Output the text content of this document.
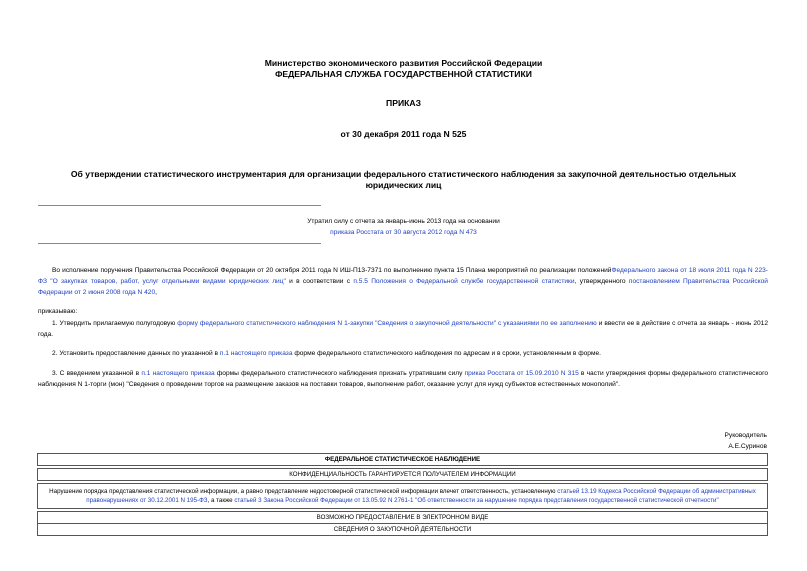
Министерство экономического развития Российской Федерации
ФЕДЕРАЛЬНАЯ СЛУЖБА ГОСУДАРСТВЕННОЙ СТАТИСТИКИ
ПРИКАЗ
от 30 декабря 2011 года N 525
Об утверждении статистического инструментария для организации федерального статистического наблюдения за закупочной деятельностью отдельных юридических лиц
Утратил силу с отчета за январь-июнь 2013 года на основании
приказа Росстата от 30 августа 2012 года N 473
Во исполнение поручения Правительства Российской Федерации от 20 октября 2011 года N ИШ-П13-7371 по выполнению пункта 15 Плана мероприятий по реализации положенийФедерального закона от 18 июля 2011 года N 223-ФЗ "О закупках товаров, работ, услуг отдельными видами юридических лиц" и в соответствии с п.5.5 Положения о Федеральной службе государственной статистики, утвержденного постановлением Правительства Российской Федерации от 2 июня 2008 года N 420,
приказываю:
1. Утвердить прилагаемую полугодовую форму федерального статистического наблюдения N 1-закупки "Сведения о закупочной деятельности" с указаниями по ее заполнению и ввести ее в действие с отчета за январь - июнь 2012 года.
2. Установить предоставление данных по указанной в п.1 настоящего приказа форме федерального статистического наблюдения по адресам и в сроки, установленным в форме.
3. С введением указанной в п.1 настоящего приказа формы федерального статистического наблюдения признать утратившим силу приказ Росстата от 15.09.2010 N 315 в части утверждения формы федерального статистического наблюдения N 1-торги (мон) "Сведения о проведении торгов на размещение заказов на поставки товаров, выполнение работ, оказание услуг для нужд субъектов естественных монополий".
Руководитель
А.Е.Суринов
ФЕДЕРАЛЬНОЕ СТАТИСТИЧЕСКОЕ НАБЛЮДЕНИЕ

КОНФИДЕНЦИАЛЬНОСТЬ ГАРАНТИРУЕТСЯ ПОЛУЧАТЕЛЕМ ИНФОРМАЦИИ

Нарушение порядка представления статистической информации, а равно представление недостоверной статистической информации влечет ответственность, установленную статьей 13.19 Кодекса Российской Федерации об административных правонарушениях от 30.12.2001 N 195-ФЗ, а также статьей 3 Закона Российской Федерации от 13.05.92 N 2761-1 "Об ответственности за нарушение порядка представления государственной статистической отчетности"

ВОЗМОЖНО ПРЕДОСТАВЛЕНИЕ В ЭЛЕКТРОННОМ ВИДЕ
СВЕДЕНИЯ О ЗАКУПОЧНОЙ ДЕЯТЕЛЬНОСТИ
